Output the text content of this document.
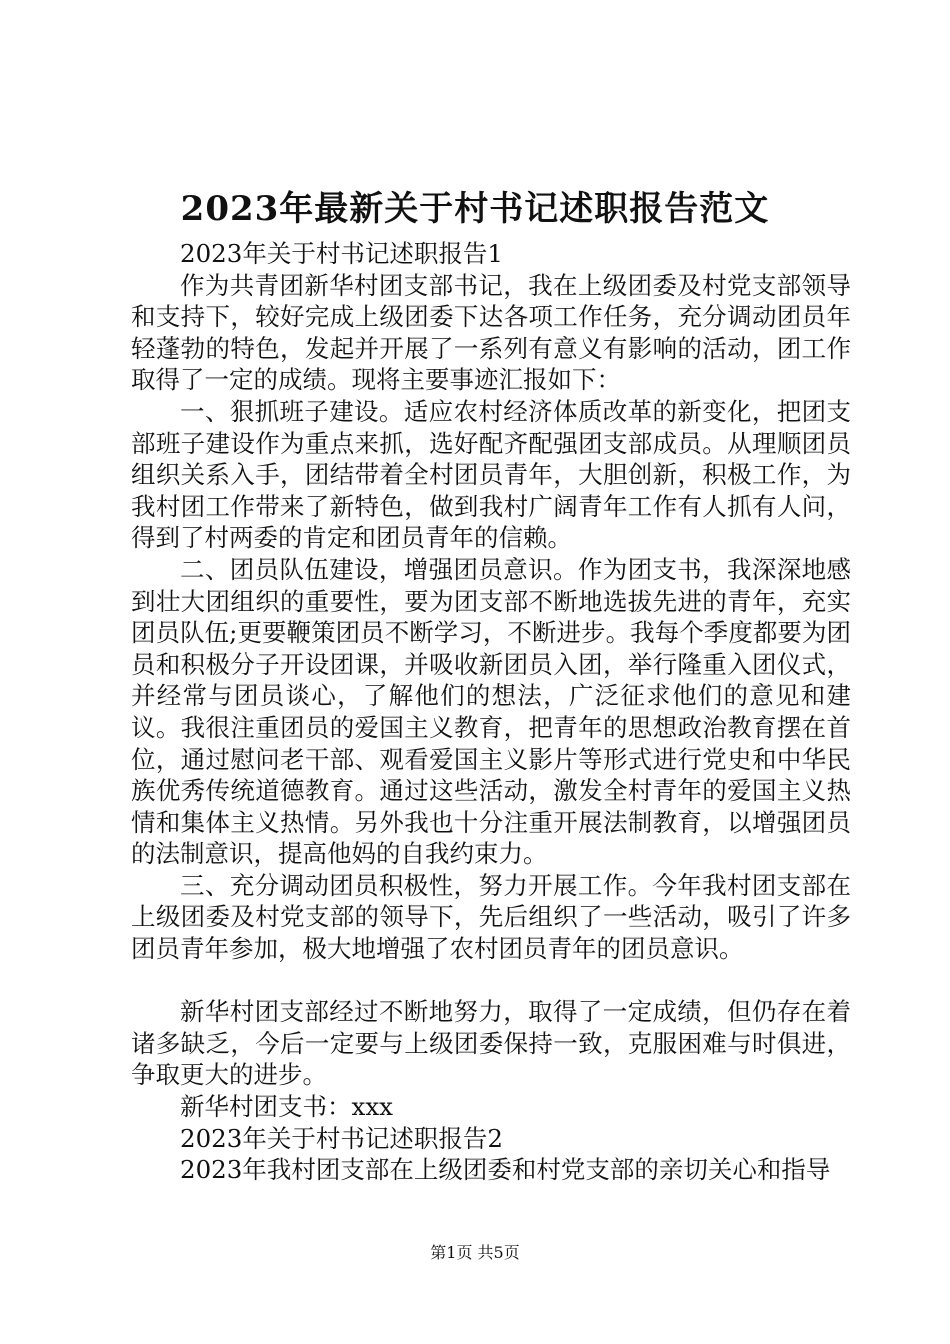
2023年最新关于村书记述职报告范文

2023年关于村书记述职报告1

作为共青团新华村团支部书记，我在上级团委及村党支部领导和支持下，较好完成上级团委下达各项工作任务，充分调动团员年轻蓬勃的特色，发起并开展了一系列有意义有影响的活动，团工作取得了一定的成绩。现将主要事迹汇报如下：

一、狠抓班子建设。适应农村经济体质改革的新变化，把团支部班子建设作为重点来抓，选好配齐配强团支部成员。从理顺团员组织关系入手，团结带着全村团员青年，大胆创新，积极工作，为我村团工作带来了新特色，做到我村广阔青年工作有人抓有人问，得到了村两委的肯定和团员青年的信赖。

二、团员队伍建设，增强团员意识。作为团支书，我深深地感到壮大团组织的重要性，要为团支部不断地选拔先进的青年，充实团员队伍;更要鞭策团员不断学习，不断进步。我每个季度都要为团员和积极分子开设团课，并吸收新团员入团，举行隆重入团仪式，并经常与团员谈心，了解他们的想法，广泛征求他们的意见和建议。我很注重团员的爱国主义教育，把青年的思想政治教育摆在首位，通过慰问老干部、观看爱国主义影片等形式进行党史和中华民族优秀传统道德教育。通过这些活动，激发全村青年的爱国主义热情和集体主义热情。另外我也十分注重开展法制教育，以增强团员的法制意识，提高他妈的自我约束力。

三、充分调动团员积极性，努力开展工作。今年我村团支部在上级团委及村党支部的领导下，先后组织了一些活动，吸引了许多团员青年参加，极大地增强了农村团员青年的团员意识。

新华村团支部经过不断地努力，取得了一定成绩，但仍存在着诸多缺乏，今后一定要与上级团委保持一致，克服困难与时俱进，争取更大的进步。

新华村团支书：xxx

2023年关于村书记述职报告2

2023年我村团支部在上级团委和村党支部的亲切关心和指导

第1页 共5页
